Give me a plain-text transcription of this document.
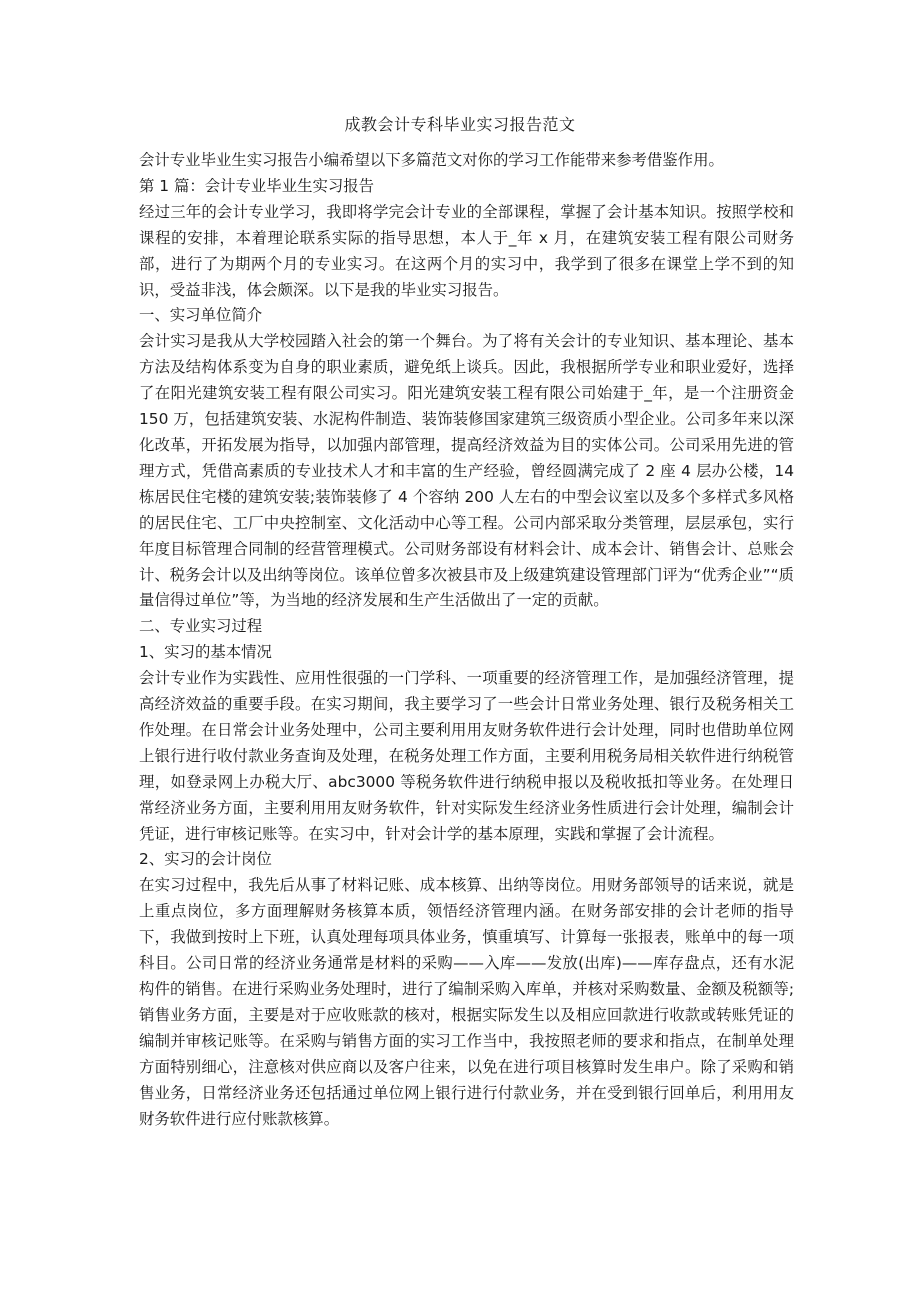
成教会计专科毕业实习报告范文

会计专业毕业生实习报告小编希望以下多篇范文对你的学习工作能带来参考借鉴作用。

第 1 篇：会计专业毕业生实习报告

经过三年的会计专业学习，我即将学完会计专业的全部课程，掌握了会计基本知识。按照学校和课程的安排，本着理论联系实际的指导思想，本人于_年 x 月，在建筑安装工程有限公司财务部，进行了为期两个月的专业实习。在这两个月的实习中，我学到了很多在课堂上学不到的知识，受益非浅，体会颇深。以下是我的毕业实习报告。

一、实习单位简介

会计实习是我从大学校园踏入社会的第一个舞台。为了将有关会计的专业知识、基本理论、基本方法及结构体系变为自身的职业素质，避免纸上谈兵。因此，我根据所学专业和职业爱好，选择了在阳光建筑安装工程有限公司实习。阳光建筑安装工程有限公司始建于_年，是一个注册资金 150 万，包括建筑安装、水泥构件制造、装饰装修国家建筑三级资质小型企业。公司多年来以深化改革，开拓发展为指导，以加强内部管理，提高经济效益为目的实体公司。公司采用先进的管理方式，凭借高素质的专业技术人才和丰富的生产经验，曾经圆满完成了 2 座 4 层办公楼，14 栋居民住宅楼的建筑安装;装饰装修了 4 个容纳 200 人左右的中型会议室以及多个多样式多风格的居民住宅、工厂中央控制室、文化活动中心等工程。公司内部采取分类管理，层层承包，实行年度目标管理合同制的经营管理模式。公司财务部设有材料会计、成本会计、销售会计、总账会计、税务会计以及出纳等岗位。该单位曾多次被县市及上级建筑建设管理部门评为“优秀企业”“质量信得过单位”等，为当地的经济发展和生产生活做出了一定的贡献。

二、专业实习过程

1、实习的基本情况

会计专业作为实践性、应用性很强的一门学科、一项重要的经济管理工作，是加强经济管理，提高经济效益的重要手段。在实习期间，我主要学习了一些会计日常业务处理、银行及税务相关工作处理。在日常会计业务处理中，公司主要利用用友财务软件进行会计处理，同时也借助单位网上银行进行收付款业务查询及处理，在税务处理工作方面，主要利用税务局相关软件进行纳税管理，如登录网上办税大厅、abc3000 等税务软件进行纳税申报以及税收抵扣等业务。在处理日常经济业务方面，主要利用用友财务软件，针对实际发生经济业务性质进行会计处理，编制会计凭证，进行审核记账等。在实习中，针对会计学的基本原理，实践和掌握了会计流程。

2、实习的会计岗位

在实习过程中，我先后从事了材料记账、成本核算、出纳等岗位。用财务部领导的话来说，就是上重点岗位，多方面理解财务核算本质，领悟经济管理内涵。在财务部安排的会计老师的指导下，我做到按时上下班，认真处理每项具体业务，慎重填写、计算每一张报表，账单中的每一项科目。公司日常的经济业务通常是材料的采购——入库——发放(出库)——库存盘点，还有水泥构件的销售。在进行采购业务处理时，进行了编制采购入库单，并核对采购数量、金额及税额等;销售业务方面，主要是对于应收账款的核对，根据实际发生以及相应回款进行收款或转账凭证的编制并审核记账等。在采购与销售方面的实习工作当中，我按照老师的要求和指点，在制单处理方面特别细心，注意核对供应商以及客户往来，以免在进行项目核算时发生串户。除了采购和销售业务，日常经济业务还包括通过单位网上银行进行付款业务，并在受到银行回单后，利用用友财务软件进行应付账款核算。
